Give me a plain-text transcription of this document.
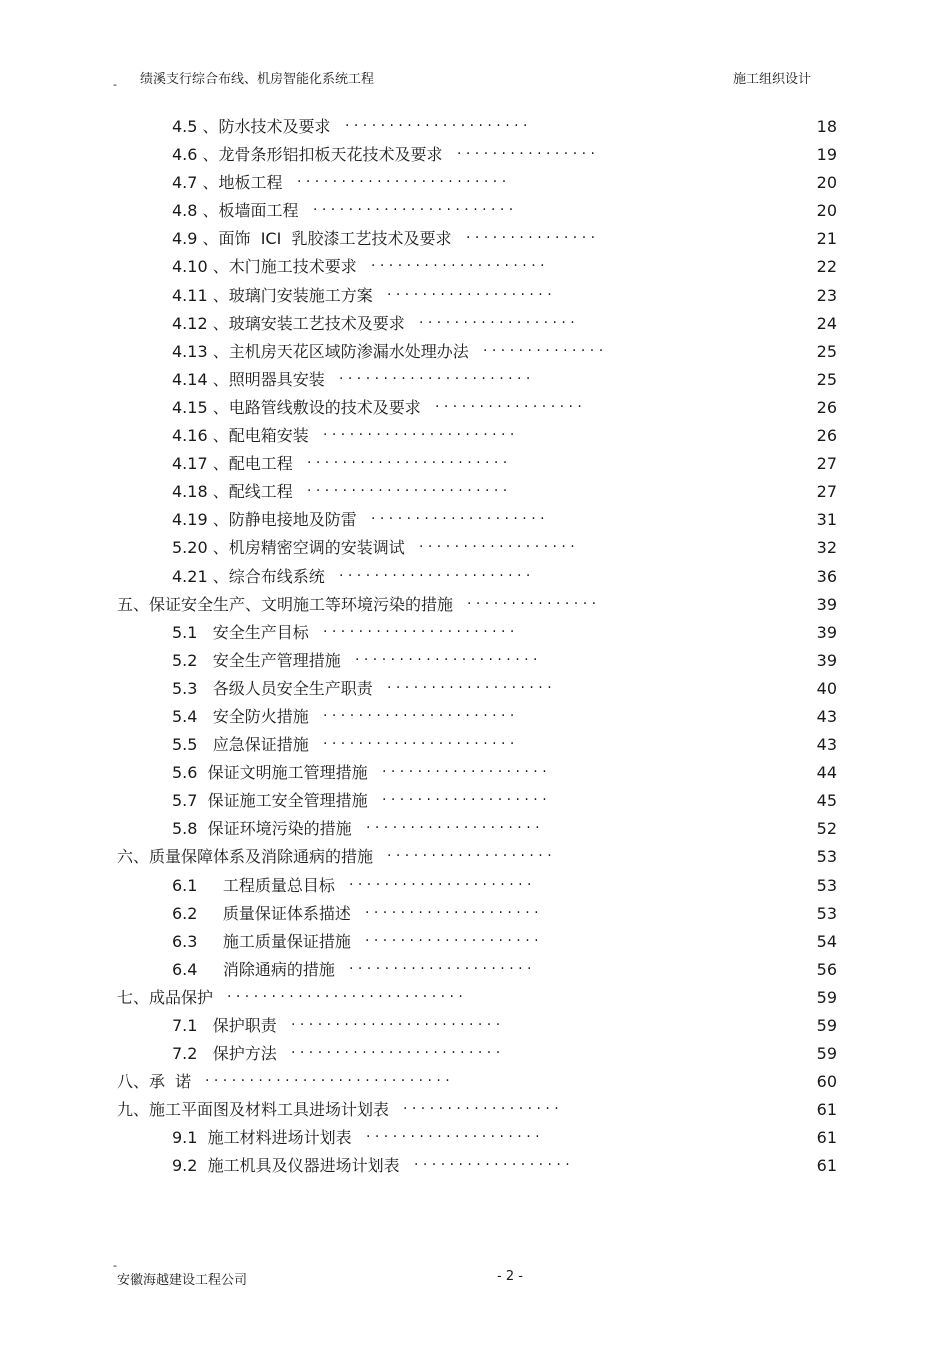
绩溪支行综合布线、机房智能化系统工程	施工组织设计
-
4.5 、防水技术及要求 · · · · · · · · · · · · · · · · · · · · ·	18
4.6 、龙骨条形铝扣板天花技术及要求 · · · · · · · · · · · · · · · ·	19
4.7 、地板工程 · · · · · · · · · · · · · · · · · · · · · · · ·	20
4.8 、板墙面工程 · · · · · · · · · · · · · · · · · · · · · · ·	20
4.9 、面饰  ICI  乳胶漆工艺技术及要求 · · · · · · · · · · · · · · ·	21
4.10 、木门施工技术要求 · · · · · · · · · · · · · · · · · · · ·	22
4.11 、玻璃门安装施工方案 · · · · · · · · · · · · · · · · · · ·	23
4.12 、玻璃安装工艺技术及要求 · · · · · · · · · · · · · · · · · ·	24
4.13 、主机房天花区域防渗漏水处理办法 · · · · · · · · · · · · · ·	25
4.14 、照明器具安装 · · · · · · · · · · · · · · · · · · · · · ·	25
4.15 、电路管线敷设的技术及要求 · · · · · · · · · · · · · · · · ·	26
4.16 、配电箱安装 · · · · · · · · · · · · · · · · · · · · · ·	26
4.17 、配电工程 · · · · · · · · · · · · · · · · · · · · · · ·	27
4.18 、配线工程 · · · · · · · · · · · · · · · · · · · · · · ·	27
4.19 、防静电接地及防雷 · · · · · · · · · · · · · · · · · · · ·	31
5.20 、机房精密空调的安装调试 · · · · · · · · · · · · · · · · · ·	32
4.21 、综合布线系统 · · · · · · · · · · · · · · · · · · · · · ·	36
五、保证安全生产、文明施工等环境污染的措施 · · · · · · · · · · · · · · ·	39
5.1   安全生产目标 · · · · · · · · · · · · · · · · · · · · · ·	39
5.2   安全生产管理措施 · · · · · · · · · · · · · · · · · · · · ·	39
5.3   各级人员安全生产职责 · · · · · · · · · · · · · · · · · · ·	40
5.4   安全防火措施 · · · · · · · · · · · · · · · · · · · · · ·	43
5.5   应急保证措施 · · · · · · · · · · · · · · · · · · · · · ·	43
5.6  保证文明施工管理措施 · · · · · · · · · · · · · · · · · · ·	44
5.7  保证施工安全管理措施 · · · · · · · · · · · · · · · · · · ·	45
5.8  保证环境污染的措施 · · · · · · · · · · · · · · · · · · · ·	52
六、质量保障体系及消除通病的措施 · · · · · · · · · · · · · · · · · · ·	53
6.1     工程质量总目标 · · · · · · · · · · · · · · · · · · · · ·	53
6.2     质量保证体系描述 · · · · · · · · · · · · · · · · · · · ·	53
6.3     施工质量保证措施 · · · · · · · · · · · · · · · · · · · ·	54
6.4     消除通病的措施 · · · · · · · · · · · · · · · · · · · · ·	56
七、成品保护 · · · · · · · · · · · · · · · · · · · · · · · · · · ·	59
7.1   保护职责 · · · · · · · · · · · · · · · · · · · · · · · ·	59
7.2   保护方法 · · · · · · · · · · · · · · · · · · · · · · · ·	59
八、承  诺 · · · · · · · · · · · · · · · · · · · · · · · · · · · ·	60
九、施工平面图及材料工具进场计划表 · · · · · · · · · · · · · · · · · ·	61
9.1  施工材料进场计划表 · · · · · · · · · · · · · · · · · · · ·	61
9.2  施工机具及仪器进场计划表 · · · · · · · · · · · · · · · · · ·	61
-
安徽海越建设工程公司	- 2 -
